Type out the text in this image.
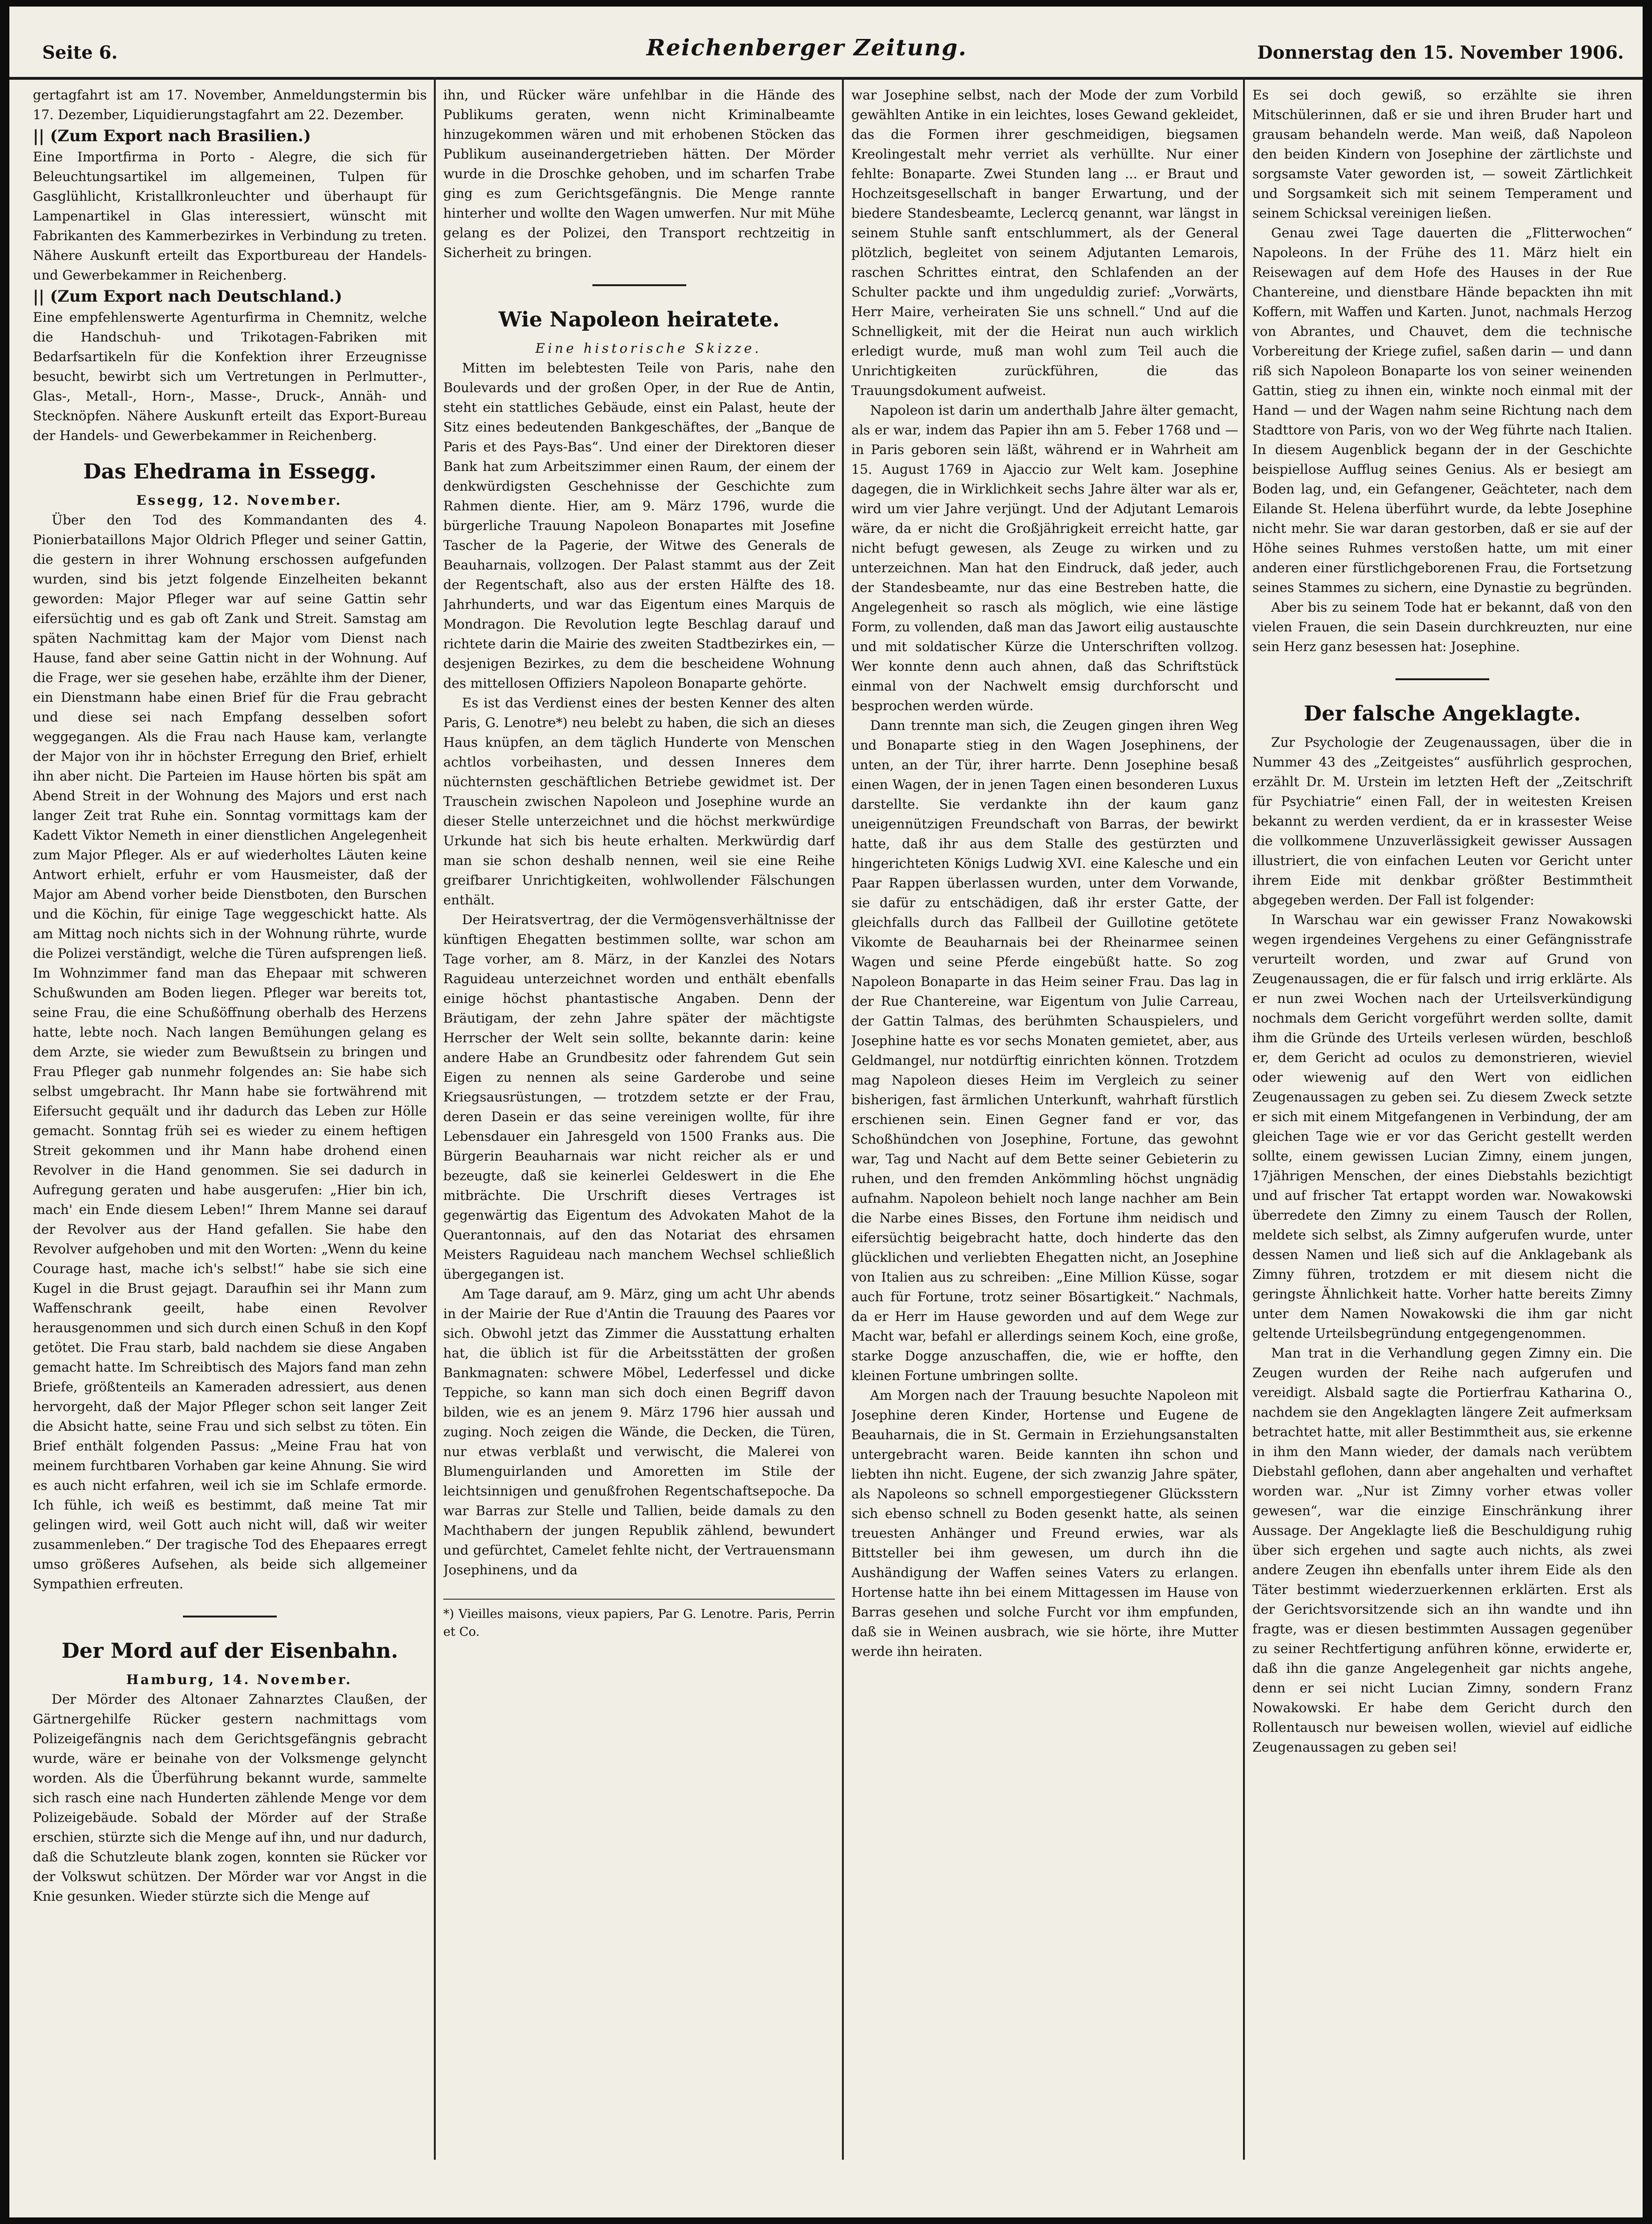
Seite 6.	Reichenberger Zeitung.	Donnerstag den 15. November 1906.

gertagfahrt ist am 17. November, Anmeldungstermin bis 17. Dezember, Liquidierungstagfahrt am 22. Dezember.

|| (Zum Export nach Brasilien.)

Eine Importfirma in Porto - Alegre, die sich für Beleuchtungsartikel im allgemeinen, Tulpen für Gasglühlicht, Kristallkronleuchter und überhaupt für Lampenartikel in Glas interessiert, wünscht mit Fabrikanten des Kammerbezirkes in Verbindung zu treten. Nähere Auskunft erteilt das Exportbureau der Handels- und Gewerbekammer in Reichenberg.

|| (Zum Export nach Deutschland.)

Eine empfehlenswerte Agenturfirma in Chemnitz, welche die Handschuh- und Trikotagen-Fabriken mit Bedarfsartikeln für die Konfektion ihrer Erzeugnisse besucht, bewirbt sich um Vertretungen in Perlmutter-, Glas-, Metall-, Horn-, Masse-, Druck-, Annäh- und Stecknöpfen. Nähere Auskunft erteilt das Export-Bureau der Handels- und Gewerbekammer in Reichenberg.

Das Ehedrama in Essegg.

Essegg, 12. November.

Über den Tod des Kommandanten des 4. Pionierbataillons Major Oldrich Pfleger und seiner Gattin, die gestern in ihrer Wohnung erschossen aufgefunden wurden, sind bis jetzt folgende Einzelheiten bekannt geworden: Major Pfleger war auf seine Gattin sehr eifersüchtig und es gab oft Zank und Streit. Samstag am späten Nachmittag kam der Major vom Dienst nach Hause, fand aber seine Gattin nicht in der Wohnung. Auf die Frage, wer sie gesehen habe, erzählte ihm der Diener, ein Dienstmann habe einen Brief für die Frau gebracht und diese sei nach Empfang desselben sofort weggegangen. Als die Frau nach Hause kam, verlangte der Major von ihr in höchster Erregung den Brief, erhielt ihn aber nicht. Die Parteien im Hause hörten bis spät am Abend Streit in der Wohnung des Majors und erst nach langer Zeit trat Ruhe ein. Sonntag vormittags kam der Kadett Viktor Nemeth in einer dienstlichen Angelegenheit zum Major Pfleger. Als er auf wiederholtes Läuten keine Antwort erhielt, erfuhr er vom Hausmeister, daß der Major am Abend vorher beide Dienstboten, den Burschen und die Köchin, für einige Tage weggeschickt hatte. Als am Mittag noch nichts sich in der Wohnung rührte, wurde die Polizei verständigt, welche die Türen aufsprengen ließ. Im Wohnzimmer fand man das Ehepaar mit schweren Schußwunden am Boden liegen. Pfleger war bereits tot, seine Frau, die eine Schußöffnung oberhalb des Herzens hatte, lebte noch. Nach langen Bemühungen gelang es dem Arzte, sie wieder zum Bewußtsein zu bringen und Frau Pfleger gab nunmehr folgendes an: Sie habe sich selbst umgebracht. Ihr Mann habe sie fortwährend mit Eifersucht gequält und ihr dadurch das Leben zur Hölle gemacht. Sonntag früh sei es wieder zu einem heftigen Streit gekommen und ihr Mann habe drohend einen Revolver in die Hand genommen. Sie sei dadurch in Aufregung geraten und habe ausgerufen: „Hier bin ich, mach' ein Ende diesem Leben!“ Ihrem Manne sei darauf der Revolver aus der Hand gefallen. Sie habe den Revolver aufgehoben und mit den Worten: „Wenn du keine Courage hast, mache ich's selbst!“ habe sie sich eine Kugel in die Brust gejagt. Daraufhin sei ihr Mann zum Waffenschrank geeilt, habe einen Revolver herausgenommen und sich durch einen Schuß in den Kopf getötet. Die Frau starb, bald nachdem sie diese Angaben gemacht hatte. Im Schreibtisch des Majors fand man zehn Briefe, größtenteils an Kameraden adressiert, aus denen hervorgeht, daß der Major Pfleger schon seit langer Zeit die Absicht hatte, seine Frau und sich selbst zu töten. Ein Brief enthält folgenden Passus: „Meine Frau hat von meinem furchtbaren Vorhaben gar keine Ahnung. Sie wird es auch nicht erfahren, weil ich sie im Schlafe ermorde. Ich fühle, ich weiß es bestimmt, daß meine Tat mir gelingen wird, weil Gott auch nicht will, daß wir weiter zusammenleben.“ Der tragische Tod des Ehepaares erregt umso größeres Aufsehen, als beide sich allgemeiner Sympathien erfreuten.

Der Mord auf der Eisenbahn.

Hamburg, 14. November.

Der Mörder des Altonaer Zahnarztes Claußen, der Gärtnergehilfe Rücker gestern nachmittags vom Polizeigefängnis nach dem Gerichtsgefängnis gebracht wurde, wäre er beinahe von der Volksmenge gelyncht worden. Als die Überführung bekannt wurde, sammelte sich rasch eine nach Hunderten zählende Menge vor dem Polizeigebäude. Sobald der Mörder auf der Straße erschien, stürzte sich die Menge auf ihn, und nur dadurch, daß die Schutzleute blank zogen, konnten sie Rücker vor der Volkswut schützen. Der Mörder war vor Angst in die Knie gesunken. Wieder stürzte sich die Menge auf

ihn, und Rücker wäre unfehlbar in die Hände des Publikums geraten, wenn nicht Kriminalbeamte hinzugekommen wären und mit erhobenen Stöcken das Publikum auseinandergetrieben hätten. Der Mörder wurde in die Droschke gehoben, und im scharfen Trabe ging es zum Gerichtsgefängnis. Die Menge rannte hinterher und wollte den Wagen umwerfen. Nur mit Mühe gelang es der Polizei, den Transport rechtzeitig in Sicherheit zu bringen.

Wie Napoleon heiratete.

Eine historische Skizze.

Mitten im belebtesten Teile von Paris, nahe den Boulevards und der großen Oper, in der Rue de Antin, steht ein stattliches Gebäude, einst ein Palast, heute der Sitz eines bedeutenden Bankgeschäftes, der „Banque de Paris et des Pays-Bas“. Und einer der Direktoren dieser Bank hat zum Arbeitszimmer einen Raum, der einem der denkwürdigsten Geschehnisse der Geschichte zum Rahmen diente. Hier, am 9. März 1796, wurde die bürgerliche Trauung Napoleon Bonapartes mit Josefine Tascher de la Pagerie, der Witwe des Generals de Beauharnais, vollzogen. Der Palast stammt aus der Zeit der Regentschaft, also aus der ersten Hälfte des 18. Jahrhunderts, und war das Eigentum eines Marquis de Mondragon. Die Revolution legte Beschlag darauf und richtete darin die Mairie des zweiten Stadtbezirkes ein, — desjenigen Bezirkes, zu dem die bescheidene Wohnung des mittellosen Offiziers Napoleon Bonaparte gehörte.

Es ist das Verdienst eines der besten Kenner des alten Paris, G. Lenotre*) neu belebt zu haben, die sich an dieses Haus knüpfen, an dem täglich Hunderte von Menschen achtlos vorbeihasten, und dessen Inneres dem nüchternsten geschäftlichen Betriebe gewidmet ist. Der Trauschein zwischen Napoleon und Josephine wurde an dieser Stelle unterzeichnet und die höchst merkwürdige Urkunde hat sich bis heute erhalten. Merkwürdig darf man sie schon deshalb nennen, weil sie eine Reihe greifbarer Unrichtigkeiten, wohlwollender Fälschungen enthält.

Der Heiratsvertrag, der die Vermögensverhältnisse der künftigen Ehegatten bestimmen sollte, war schon am Tage vorher, am 8. März, in der Kanzlei des Notars Raguideau unterzeichnet worden und enthält ebenfalls einige höchst phantastische Angaben. Denn der Bräutigam, der zehn Jahre später der mächtigste Herrscher der Welt sein sollte, bekannte darin: keine andere Habe an Grundbesitz oder fahrendem Gut sein Eigen zu nennen als seine Garderobe und seine Kriegsausrüstungen, — trotzdem setzte er der Frau, deren Dasein er das seine vereinigen wollte, für ihre Lebensdauer ein Jahresgeld von 1500 Franks aus. Die Bürgerin Beauharnais war nicht reicher als er und bezeugte, daß sie keinerlei Geldeswert in die Ehe mitbrächte. Die Urschrift dieses Vertrages ist gegenwärtig das Eigentum des Advokaten Mahot de la Querantonnais, auf den das Notariat des ehrsamen Meisters Raguideau nach manchem Wechsel schließlich übergegangen ist.

Am Tage darauf, am 9. März, ging um acht Uhr abends in der Mairie der Rue d'Antin die Trauung des Paares vor sich. Obwohl jetzt das Zimmer die Ausstattung erhalten hat, die üblich ist für die Arbeitsstätten der großen Bankmagnaten: schwere Möbel, Lederfessel und dicke Teppiche, so kann man sich doch einen Begriff davon bilden, wie es an jenem 9. März 1796 hier aussah und zuging. Noch zeigen die Wände, die Decken, die Türen, nur etwas verblaßt und verwischt, die Malerei von Blumenguirlanden und Amoretten im Stile der leichtsinnigen und genußfrohen Regentschaftsepoche. Da war Barras zur Stelle und Tallien, beide damals zu den Machthabern der jungen Republik zählend, bewundert und gefürchtet, Camelet fehlte nicht, der Vertrauensmann Josephinens, und da

*) Vieilles maisons, vieux papiers, Par G. Lenotre. Paris, Perrin et Co.

war Josephine selbst, nach der Mode der zum Vorbild gewählten Antike in ein leichtes, loses Gewand gekleidet, das die Formen ihrer geschmeidigen, biegsamen Kreolingestalt mehr verriet als verhüllte. Nur einer fehlte: Bonaparte. Zwei Stunden lang ... er Braut und Hochzeitsgesellschaft in banger Erwartung, und der biedere Standesbeamte, Leclercq genannt, war längst in seinem Stuhle sanft entschlummert, als der General plötzlich, begleitet von seinem Adjutanten Lemarois, raschen Schrittes eintrat, den Schlafenden an der Schulter packte und ihm ungeduldig zurief: „Vorwärts, Herr Maire, verheiraten Sie uns schnell.“ Und auf die Schnelligkeit, mit der die Heirat nun auch wirklich erledigt wurde, muß man wohl zum Teil auch die Unrichtigkeiten zurückführen, die das Trauungsdokument aufweist.

Napoleon ist darin um anderthalb Jahre älter gemacht, als er war, indem das Papier ihn am 5. Feber 1768 und — in Paris geboren sein läßt, während er in Wahrheit am 15. August 1769 in Ajaccio zur Welt kam. Josephine dagegen, die in Wirklichkeit sechs Jahre älter war als er, wird um vier Jahre verjüngt. Und der Adjutant Lemarois wäre, da er nicht die Großjährigkeit erreicht hatte, gar nicht befugt gewesen, als Zeuge zu wirken und zu unterzeichnen. Man hat den Eindruck, daß jeder, auch der Standesbeamte, nur das eine Bestreben hatte, die Angelegenheit so rasch als möglich, wie eine lästige Form, zu vollenden, daß man das Jawort eilig austauschte und mit soldatischer Kürze die Unterschriften vollzog. Wer konnte denn auch ahnen, daß das Schriftstück einmal von der Nachwelt emsig durchforscht und besprochen werden würde.

Dann trennte man sich, die Zeugen gingen ihren Weg und Bonaparte stieg in den Wagen Josephinens, der unten, an der Tür, ihrer harrte. Denn Josephine besaß einen Wagen, der in jenen Tagen einen besonderen Luxus darstellte. Sie verdankte ihn der kaum ganz uneigennützigen Freundschaft von Barras, der bewirkt hatte, daß ihr aus dem Stalle des gestürzten und hingerichteten Königs Ludwig XVI. eine Kalesche und ein Paar Rappen überlassen wurden, unter dem Vorwande, sie dafür zu entschädigen, daß ihr erster Gatte, der gleichfalls durch das Fallbeil der Guillotine getötete Vikomte de Beauharnais bei der Rheinarmee seinen Wagen und seine Pferde eingebüßt hatte. So zog Napoleon Bonaparte in das Heim seiner Frau. Das lag in der Rue Chantereine, war Eigentum von Julie Carreau, der Gattin Talmas, des berühmten Schauspielers, und Josephine hatte es vor sechs Monaten gemietet, aber, aus Geldmangel, nur notdürftig einrichten können. Trotzdem mag Napoleon dieses Heim im Vergleich zu seiner bisherigen, fast ärmlichen Unterkunft, wahrhaft fürstlich erschienen sein. Einen Gegner fand er vor, das Schoßhündchen von Josephine, Fortune, das gewohnt war, Tag und Nacht auf dem Bette seiner Gebieterin zu ruhen, und den fremden Ankömmling höchst ungnädig aufnahm. Napoleon behielt noch lange nachher am Bein die Narbe eines Bisses, den Fortune ihm neidisch und eifersüchtig beigebracht hatte, doch hinderte das den glücklichen und verliebten Ehegatten nicht, an Josephine von Italien aus zu schreiben: „Eine Million Küsse, sogar auch für Fortune, trotz seiner Bösartigkeit.“ Nachmals, da er Herr im Hause geworden und auf dem Wege zur Macht war, befahl er allerdings seinem Koch, eine große, starke Dogge anzuschaffen, die, wie er hoffte, den kleinen Fortune umbringen sollte.

Am Morgen nach der Trauung besuchte Napoleon mit Josephine deren Kinder, Hortense und Eugene de Beauharnais, die in St. Germain in Erziehungsanstalten untergebracht waren. Beide kannten ihn schon und liebten ihn nicht. Eugene, der sich zwanzig Jahre später, als Napoleons so schnell emporgestiegener Glücksstern sich ebenso schnell zu Boden gesenkt hatte, als seinen treuesten Anhänger und Freund erwies, war als Bittsteller bei ihm gewesen, um durch ihn die Aushändigung der Waffen seines Vaters zu erlangen. Hortense hatte ihn bei einem Mittagessen im Hause von Barras gesehen und solche Furcht vor ihm empfunden, daß sie in Weinen ausbrach, wie sie hörte, ihre Mutter werde ihn heiraten.

Es sei doch gewiß, so erzählte sie ihren Mitschülerinnen, daß er sie und ihren Bruder hart und grausam behandeln werde. Man weiß, daß Napoleon den beiden Kindern von Josephine der zärtlichste und sorgsamste Vater geworden ist, — soweit Zärtlichkeit und Sorgsamkeit sich mit seinem Temperament und seinem Schicksal vereinigen ließen.

Genau zwei Tage dauerten die „Flitterwochen“ Napoleons. In der Frühe des 11. März hielt ein Reisewagen auf dem Hofe des Hauses in der Rue Chantereine, und dienstbare Hände bepackten ihn mit Koffern, mit Waffen und Karten. Junot, nachmals Herzog von Abrantes, und Chauvet, dem die technische Vorbereitung der Kriege zufiel, saßen darin — und dann riß sich Napoleon Bonaparte los von seiner weinenden Gattin, stieg zu ihnen ein, winkte noch einmal mit der Hand — und der Wagen nahm seine Richtung nach dem Stadttore von Paris, von wo der Weg führte nach Italien. In diesem Augenblick begann der in der Geschichte beispiellose Aufflug seines Genius. Als er besiegt am Boden lag, und, ein Gefangener, Geächteter, nach dem Eilande St. Helena überführt wurde, da lebte Josephine nicht mehr. Sie war daran gestorben, daß er sie auf der Höhe seines Ruhmes verstoßen hatte, um mit einer anderen einer fürstlichgeborenen Frau, die Fortsetzung seines Stammes zu sichern, eine Dynastie zu begründen.

Aber bis zu seinem Tode hat er bekannt, daß von den vielen Frauen, die sein Dasein durchkreuzten, nur eine sein Herz ganz besessen hat: Josephine.

Der falsche Angeklagte.

Zur Psychologie der Zeugenaussagen, über die in Nummer 43 des „Zeitgeistes“ ausführlich gesprochen, erzählt Dr. M. Urstein im letzten Heft der „Zeitschrift für Psychiatrie“ einen Fall, der in weitesten Kreisen bekannt zu werden verdient, da er in krassester Weise die vollkommene Unzuverlässigkeit gewisser Aussagen illustriert, die von einfachen Leuten vor Gericht unter ihrem Eide mit denkbar größter Bestimmtheit abgegeben werden. Der Fall ist folgender:

In Warschau war ein gewisser Franz Nowakowski wegen irgendeines Vergehens zu einer Gefängnisstrafe verurteilt worden, und zwar auf Grund von Zeugenaussagen, die er für falsch und irrig erklärte. Als er nun zwei Wochen nach der Urteilsverkündigung nochmals dem Gericht vorgeführt werden sollte, damit ihm die Gründe des Urteils verlesen würden, beschloß er, dem Gericht ad oculos zu demonstrieren, wieviel oder wiewenig auf den Wert von eidlichen Zeugenaussagen zu geben sei. Zu diesem Zweck setzte er sich mit einem Mitgefangenen in Verbindung, der am gleichen Tage wie er vor das Gericht gestellt werden sollte, einem gewissen Lucian Zimny, einem jungen, 17jährigen Menschen, der eines Diebstahls bezichtigt und auf frischer Tat ertappt worden war. Nowakowski überredete den Zimny zu einem Tausch der Rollen, meldete sich selbst, als Zimny aufgerufen wurde, unter dessen Namen und ließ sich auf die Anklagebank als Zimny führen, trotzdem er mit diesem nicht die geringste Ähnlichkeit hatte. Vorher hatte bereits Zimny unter dem Namen Nowakowski die ihm gar nicht geltende Urteilsbegründung entgegengenommen.

Man trat in die Verhandlung gegen Zimny ein. Die Zeugen wurden der Reihe nach aufgerufen und vereidigt. Alsbald sagte die Portierfrau Katharina O., nachdem sie den Angeklagten längere Zeit aufmerksam betrachtet hatte, mit aller Bestimmtheit aus, sie erkenne in ihm den Mann wieder, der damals nach verübtem Diebstahl geflohen, dann aber angehalten und verhaftet worden war. „Nur ist Zimny vorher etwas voller gewesen“, war die einzige Einschränkung ihrer Aussage. Der Angeklagte ließ die Beschuldigung ruhig über sich ergehen und sagte auch nichts, als zwei andere Zeugen ihn ebenfalls unter ihrem Eide als den Täter bestimmt wiederzuerkennen erklärten. Erst als der Gerichtsvorsitzende sich an ihn wandte und ihn fragte, was er diesen bestimmten Aussagen gegenüber zu seiner Rechtfertigung anführen könne, erwiderte er, daß ihn die ganze Angelegenheit gar nichts angehe, denn er sei nicht Lucian Zimny, sondern Franz Nowakowski. Er habe dem Gericht durch den Rollentausch nur beweisen wollen, wieviel auf eidliche Zeugenaussagen zu geben sei!
